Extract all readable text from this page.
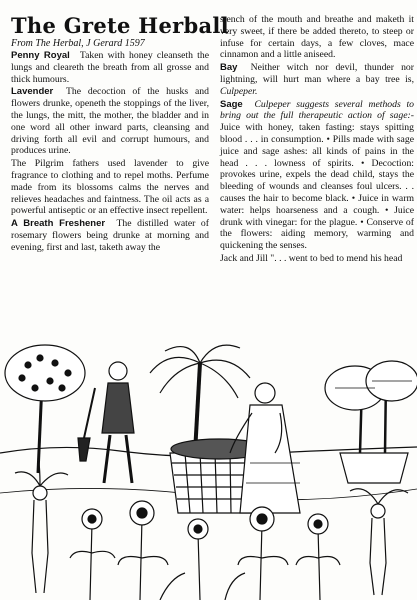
The Grete Herball
From The Herbal, J Gerard 1597

Penny Royal Taken with honey cleanseth the lungs and cleareth the breath from all grosse and thick humours.

Lavender The decoction of the husks and flowers drunke, openeth the stoppings of the liver, the lungs, the mitt, the mother, the bladder and in one word all other inward parts, cleansing and driving forth all evil and corrupt humours, and produces urine.

The Pilgrim fathers used lavender to give fragrance to clothing and to repel moths. Perfume made from its blossoms calms the nerves and relieves headaches and faintness. The oil acts as a powerful antiseptic or an effective insect repellent.

A Breath Freshener The distilled water of rosemary flowers being drunke at morning and evening, first and last, taketh away the

stench of the mouth and breathe and maketh it very sweet, if there be added thereto, to steep or infuse for certain days, a few cloves, mace cinnamon and a little aniseed.

Bay Neither witch nor devil, thunder nor lightning, will hurt man where a bay tree is, Culpeper.

Sage Culpeper suggests several methods to bring out the full therapeutic action of sage:- Juice with honey, taken fasting: stays spitting blood . . . in consumption. • Pills made with sage juice and sage ashes: all kinds of pains in the head . . . lowness of spirits. • Decoction: provokes urine, expels the dead child, stays the bleeding of wounds and cleanses foul ulcers. . . causes the hair to become black. • Juice in warm water: helps hoarseness and a cough. • Juice drunk with vinegar: for the plague. • Conserve of the flowers: aiding memory, warming and quickening the senses.

Jack and Jill ". . . went to bed to mend his head
